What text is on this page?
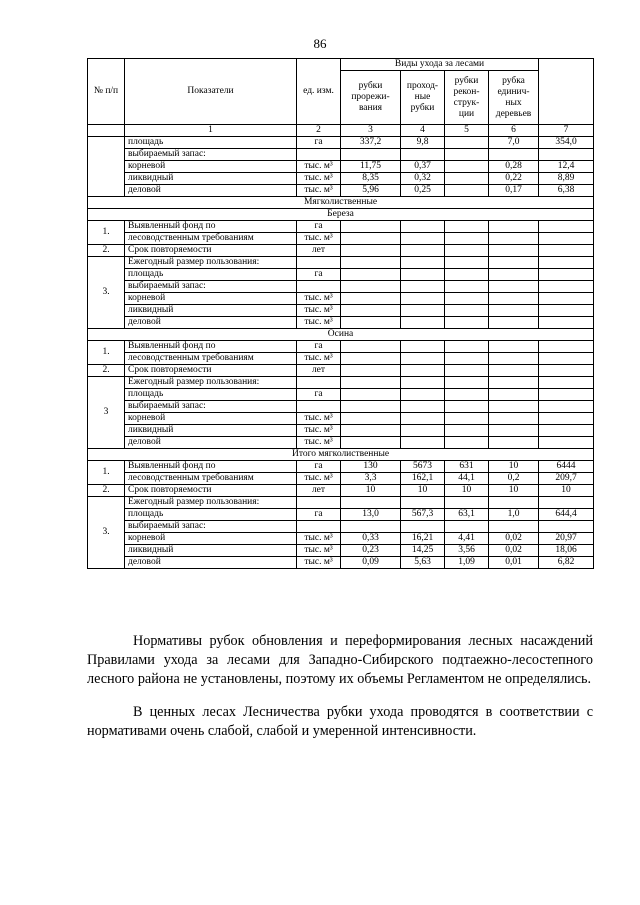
86
№ п/п	Показатели	ед. изм.	Виды ухода за лесами				
			рубки прорежи-вания	проход-ные рубки	рубки рекон-струк-ции	рубка единич-ных деревьев	
	1	2	3	4	5	6	7
	площадь	га	337,2	9,8		7,0	354,0
	выбираемый запас:						
	корневой	тыс. м³	11,75	0,37		0,28	12,4
	ликвидный	тыс. м³	8,35	0,32		0,22	8,89
	деловой	тыс. м³	5,96	0,25		0,17	6,38
Мягколиственные							
Береза							
1.	Выявленный фонд по	га					
	лесоводственным требованиям	тыс. м³					
2.	Срок повторяемости	лет					
3.	Ежегодный размер пользования:						
	площадь	га					
	выбираемый запас:						
	корневой	тыс. м³					
	ликвидный	тыс. м³					
	деловой	тыс. м³					
Осина							
1.	Выявленный фонд по	га					
	лесоводственным требованиям	тыс. м³					
2.	Срок повторяемости	лет					
3	Ежегодный размер пользования:						
	площадь	га					
	выбираемый запас:						
	корневой	тыс. м³					
	ликвидный	тыс. м³					
	деловой	тыс. м³					
Итого мягколиственные							
1.	Выявленный фонд по	га	130	5673	631	10	6444
	лесоводственным требованиям	тыс. м³	3,3	162,1	44,1	0,2	209,7
2.	Срок повторяемости	лет	10	10	10	10	10
3.	Ежегодный размер пользования:						
	площадь	га	13,0	567,3	63,1	1,0	644,4
	выбираемый запас:						
	корневой	тыс. м³	0,33	16,21	4,41	0,02	20,97
	ликвидный	тыс. м³	0,23	14,25	3,56	0,02	18,06
	деловой	тыс. м³	0,09	5,63	1,09	0,01	6,82

Нормативы рубок обновления и переформирования лесных насаждений Правилами ухода за лесами для Западно-Сибирского подтаежно-лесостепного лесного района не установлены, поэтому их объемы Регламентом не определялись.

В ценных лесах Лесничества рубки ухода проводятся в соответствии с нормативами очень слабой, слабой и умеренной интенсивности.
